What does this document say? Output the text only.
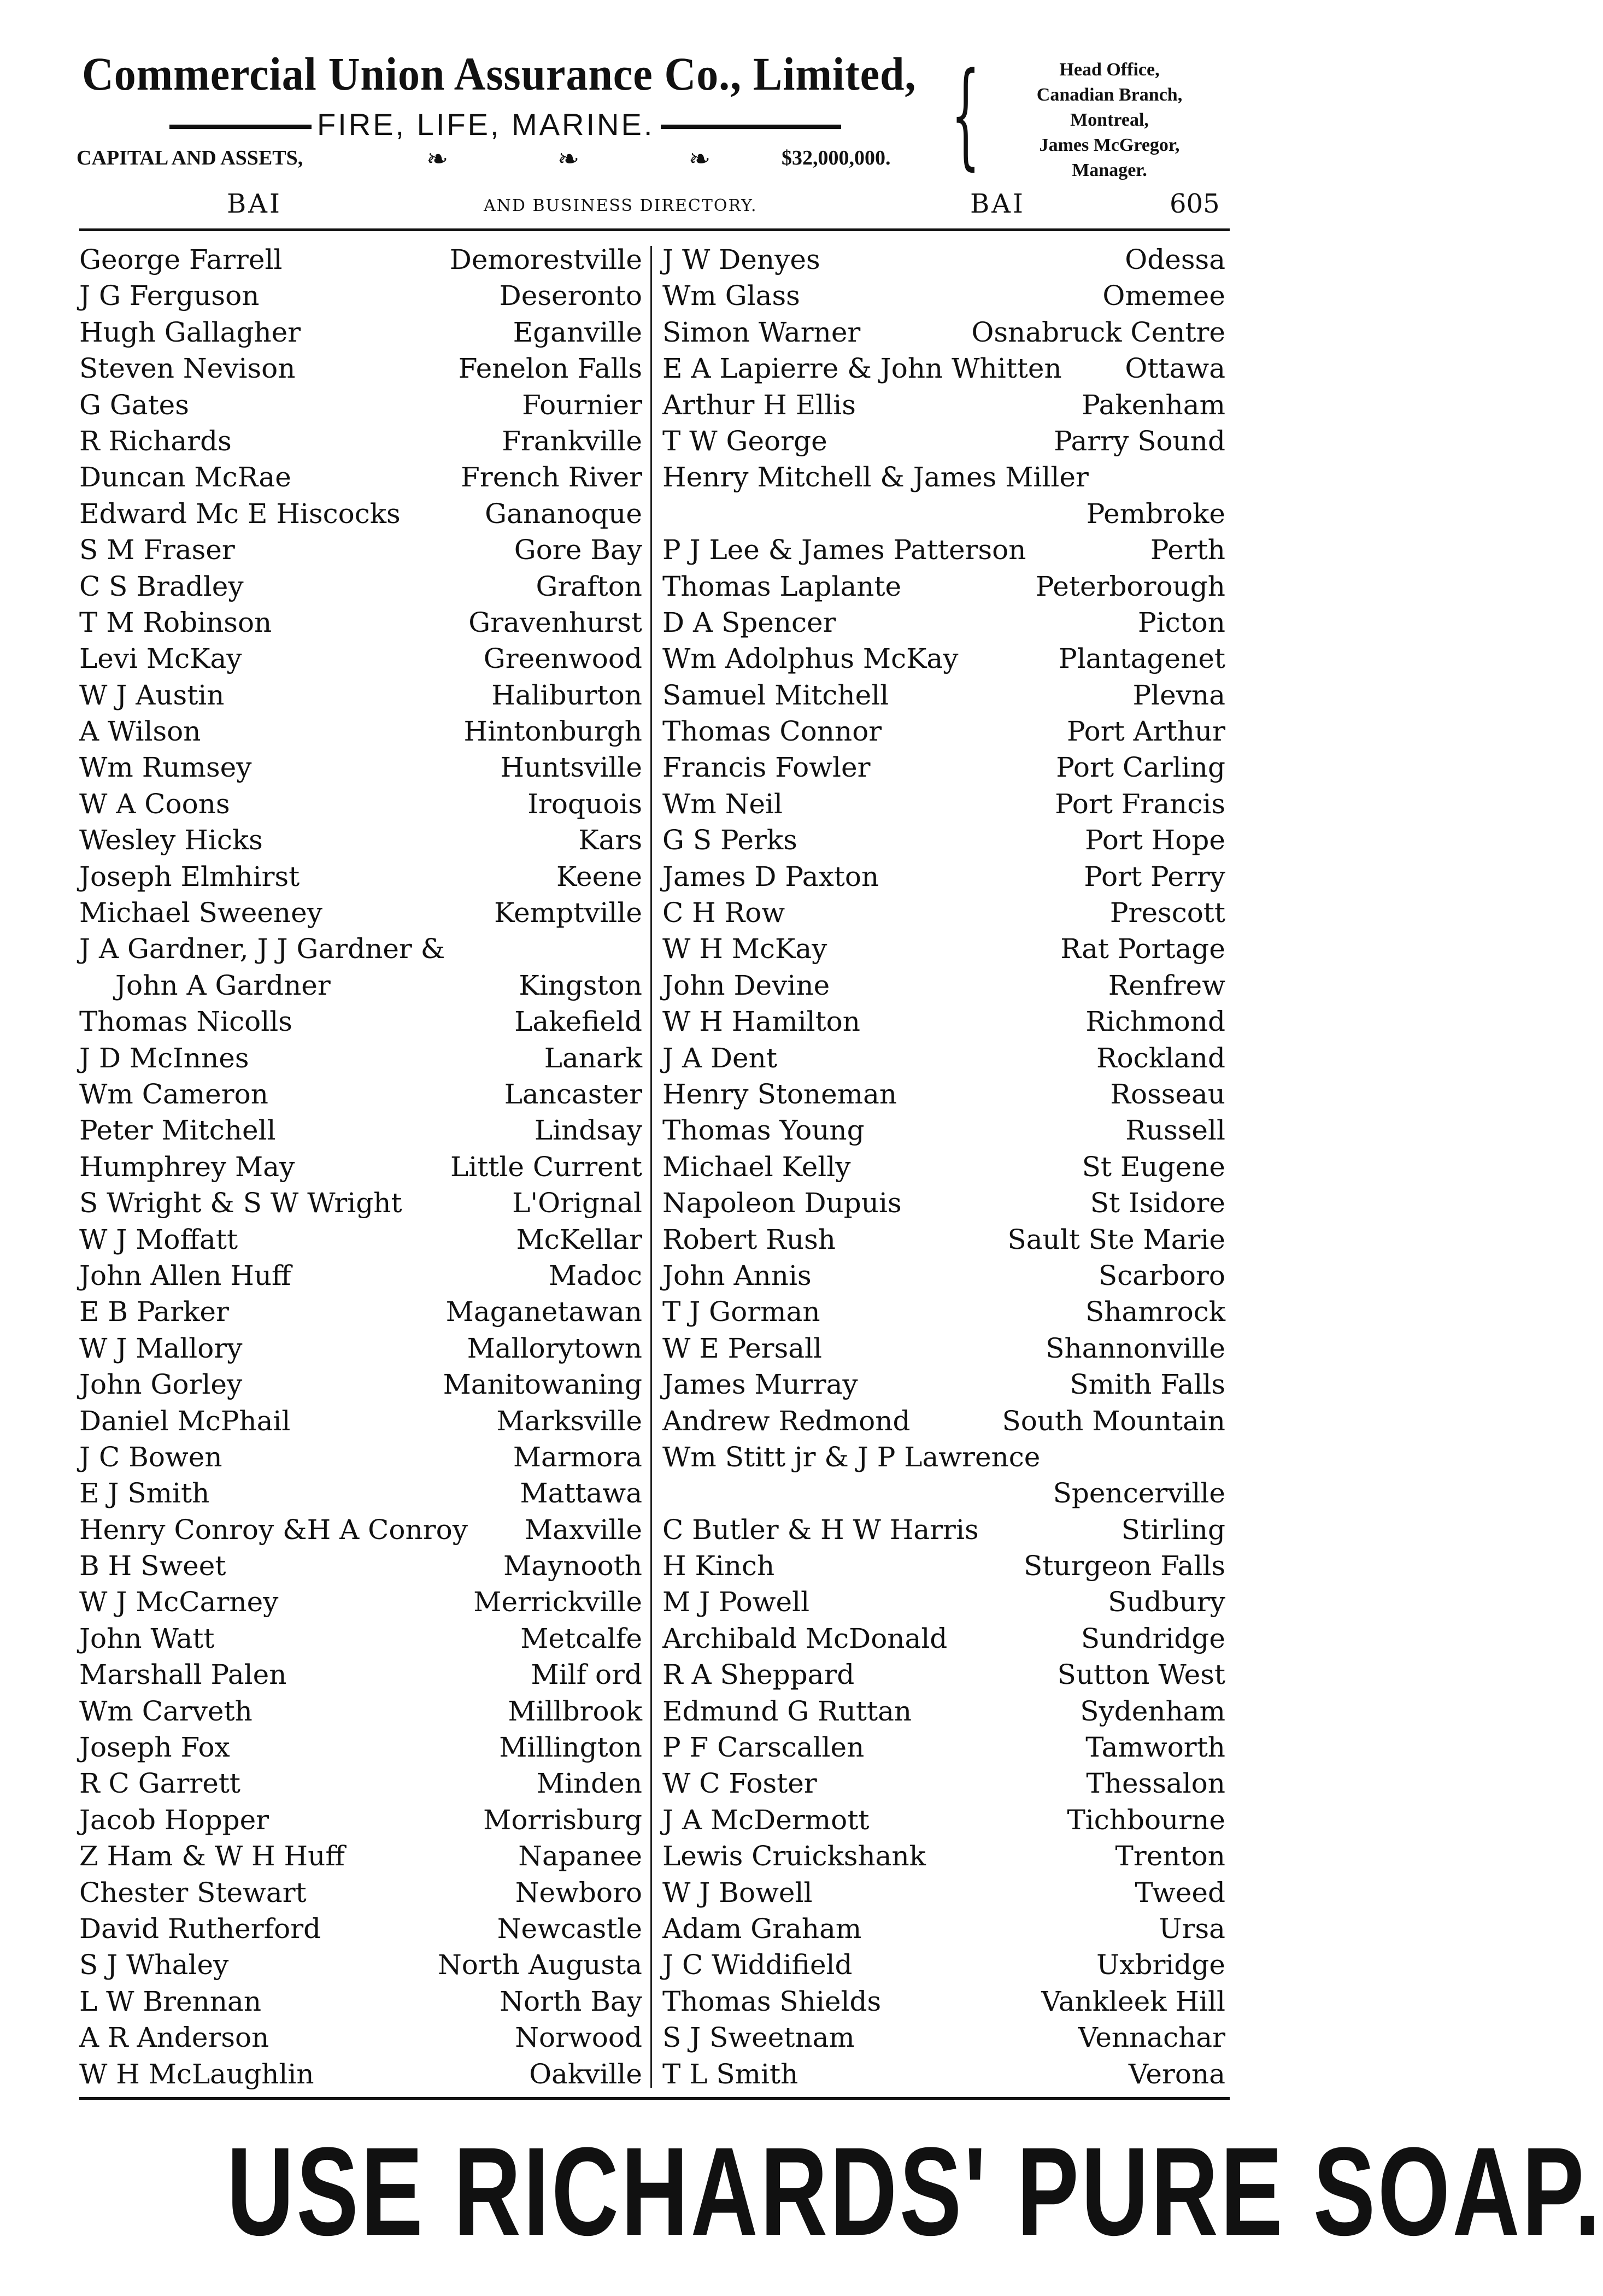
Commercial Union Assurance Co., Limited,
FIRE, LIFE, MARINE.
CAPITAL AND ASSETS,	❧	❧	❧	$32,000,000. {	Head Office,
Canadian Branch,
Montreal,
James McGregor,
Manager.
BAI	AND BUSINESS DIRECTORY.	BAI	605
George Farrell	Demorestville
J G Ferguson	Deseronto
Hugh Gallagher	Eganville
Steven Nevison	Fenelon Falls
G Gates	Fournier
R Richards	Frankville
Duncan McRae	French River
Edward Mc E Hiscocks	Gananoque
S M Fraser	Gore Bay
C S Bradley	Grafton
T M Robinson	Gravenhurst
Levi McKay	Greenwood
W J Austin	Haliburton
A Wilson	Hintonburgh
Wm Rumsey	Huntsville
W A Coons	Iroquois
Wesley Hicks	Kars
Joseph Elmhirst	Keene
Michael Sweeney	Kemptville
J A Gardner, J J Gardner &
John A Gardner	Kingston
Thomas Nicolls	Lakefield
J D McInnes	Lanark
Wm Cameron	Lancaster
Peter Mitchell	Lindsay
Humphrey May	Little Current
S Wright & S W Wright	L'Orignal
W J Moffatt	McKellar
John Allen Huff	Madoc
E B Parker	Maganetawan
W J Mallory	Mallorytown
John Gorley	Manitowaning
Daniel McPhail	Marksville
J C Bowen	Marmora
E J Smith	Mattawa
Henry Conroy &H A Conroy Maxville
B H Sweet	Maynooth
W J McCarney	Merrickville
John Watt	Metcalfe
Marshall Palen	Milf ord
Wm Carveth	Millbrook
Joseph Fox	Millington
R C Garrett	Minden
Jacob Hopper	Morrisburg
Z Ham & W H Huff	Napanee
Chester Stewart	Newboro
David Rutherford	Newcastle
S J Whaley	North Augusta
L W Brennan	North Bay
A R Anderson	Norwood
W H McLaughlin	Oakville
J W Denyes	Odessa
Wm Glass	Omemee
Simon Warner	Osnabruck Centre
E A Lapierre & John Whitten Ottawa
Arthur H Ellis	Pakenham
T W George	Parry Sound
Henry Mitchell & James Miller
Pembroke
P J Lee & James Patterson	Perth
Thomas Laplante	Peterborough
D A Spencer	Picton
Wm Adolphus McKay	Plantagenet
Samuel Mitchell	Plevna
Thomas Connor	Port Arthur
Francis Fowler	Port Carling
Wm Neil	Port Francis
G S Perks	Port Hope
James D Paxton	Port Perry
C H Row	Prescott
W H McKay	Rat Portage
John Devine	Renfrew
W H Hamilton	Richmond
J A Dent	Rockland
Henry Stoneman	Rosseau
Thomas Young	Russell
Michael Kelly	St Eugene
Napoleon Dupuis	St Isidore
Robert Rush	Sault Ste Marie
John Annis	Scarboro
T J Gorman	Shamrock
W E Persall	Shannonville
James Murray	Smith Falls
Andrew Redmond	South Mountain
Wm Stitt jr & J P Lawrence
Spencerville
C Butler & H W Harris	Stirling
H Kinch	Sturgeon Falls
M J Powell	Sudbury
Archibald McDonald	Sundridge
R A Sheppard	Sutton West
Edmund G Ruttan	Sydenham
P F Carscallen	Tamworth
W C Foster	Thessalon
J A McDermott	Tichbourne
Lewis Cruickshank	Trenton
W J Bowell	Tweed
Adam Graham	Ursa
J C Widdifield	Uxbridge
Thomas Shields	Vankleek Hill
S J Sweetnam	Vennachar
T L Smith	Verona
USE RICHARDS' PURE SOAP.
